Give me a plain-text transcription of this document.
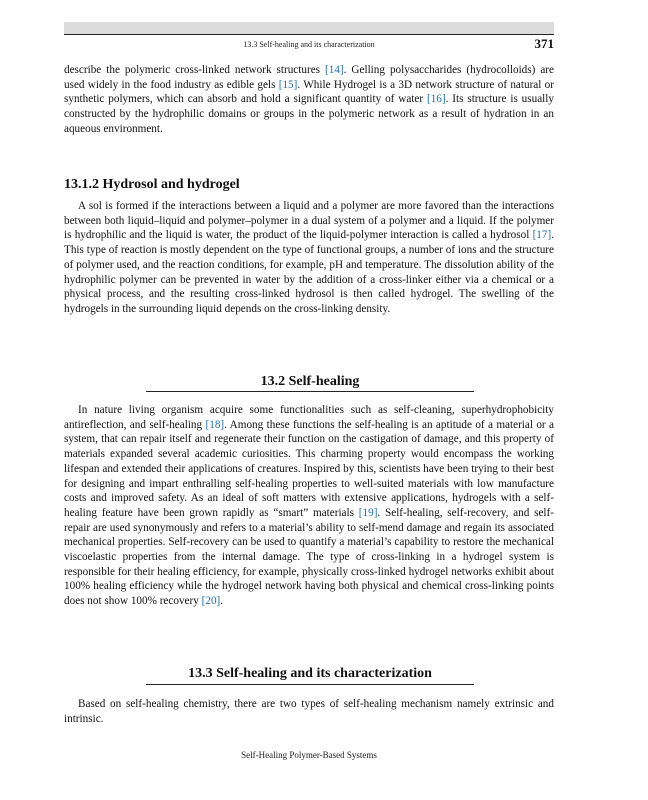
13.3 Self-healing and its characterization	371

describe the polymeric cross-linked network structures [14]. Gelling polysaccharides (hydrocolloids) are used widely in the food industry as edible gels [15]. While Hydrogel is a 3D network structure of natural or synthetic polymers, which can absorb and hold a significant quantity of water [16]. Its structure is usually constructed by the hydrophilic domains or groups in the polymeric network as a result of hydration in an aqueous environment.

13.1.2 Hydrosol and hydrogel

A sol is formed if the interactions between a liquid and a polymer are more favored than the interactions between both liquid–liquid and polymer–polymer in a dual system of a polymer and a liquid. If the polymer is hydrophilic and the liquid is water, the product of the liquid-polymer interaction is called a hydrosol [17]. This type of reaction is mostly dependent on the type of functional groups, a number of ions and the structure of polymer used, and the reaction conditions, for example, pH and temperature. The dissolution ability of the hydrophilic polymer can be prevented in water by the addition of a cross-linker either via a chemical or a physical process, and the resulting cross-linked hydrosol is then called hydrogel. The swelling of the hydrogels in the surrounding liquid depends on the cross-linking density.

13.2 Self-healing

In nature living organism acquire some functionalities such as self-cleaning, superhydrophobicity antireflection, and self-healing [18]. Among these functions the self-healing is an aptitude of a material or a system, that can repair itself and regenerate their function on the castigation of damage, and this property of materials expanded several academic curiosities. This charming property would encompass the working lifespan and extended their applications of creatures. Inspired by this, scientists have been trying to their best for designing and impart enthralling self-healing properties to well-suited materials with low manufacture costs and improved safety. As an ideal of soft matters with extensive applications, hydrogels with a self-healing feature have been grown rapidly as “smart” materials [19]. Self-healing, self-recovery, and self-repair are used synonymously and refers to a material’s ability to self-mend damage and regain its associated mechanical properties. Self-recovery can be used to quantify a material’s capability to restore the mechanical viscoelastic properties from the internal damage. The type of cross-linking in a hydrogel system is responsible for their healing efficiency, for example, physically cross-linked hydrogel networks exhibit about 100% healing efficiency while the hydrogel network having both physical and chemical cross-linking points does not show 100% recovery [20].

13.3 Self-healing and its characterization

Based on self-healing chemistry, there are two types of self-healing mechanism namely extrinsic and intrinsic.

Self-Healing Polymer-Based Systems
